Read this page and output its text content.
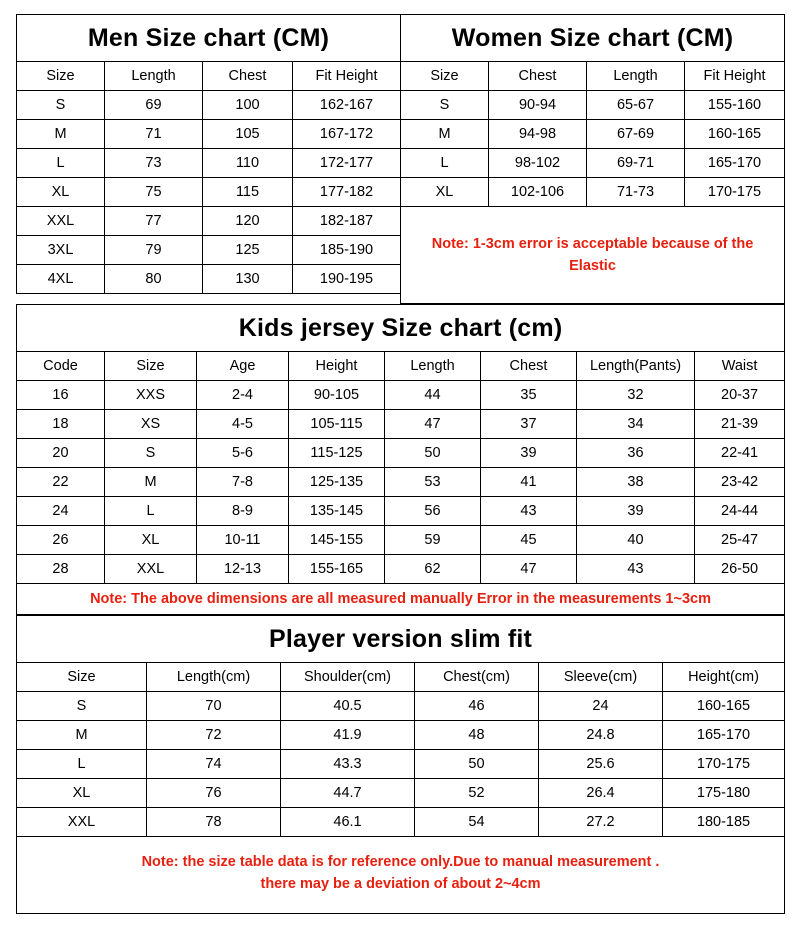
Men Size chart (CM)			
Size	Length	Chest	Fit Height
S	69	100	162-167
M	71	105	167-172
L	73	110	172-177
XL	75	115	177-182
XXL	77	120	182-187
3XL	79	125	185-190
4XL	80	130	190-195
Women Size chart (CM)			
Size	Chest	Length	Fit Height
S	90-94	65-67	155-160
M	94-98	67-69	160-165
L	98-102	69-71	165-170
XL	102-106	71-73	170-175
Note: 1-3cm error is acceptable because of the Elastic			
Kids jersey Size chart (cm)							
Code	Size	Age	Height	Length	Chest	Length(Pants)	Waist
16	XXS	2-4	90-105	44	35	32	20-37
18	XS	4-5	105-115	47	37	34	21-39
20	S	5-6	115-125	50	39	36	22-41
22	M	7-8	125-135	53	41	38	23-42
24	L	8-9	135-145	56	43	39	24-44
26	XL	10-11	145-155	59	45	40	25-47
28	XXL	12-13	155-165	62	47	43	26-50
Note: The above dimensions are all measured manually Error in the measurements 1~3cm							
Player version slim fit					
Size	Length(cm)	Shoulder(cm)	Chest(cm)	Sleeve(cm)	Height(cm)
S	70	40.5	46	24	160-165
M	72	41.9	48	24.8	165-170
L	74	43.3	50	25.6	170-175
XL	76	44.7	52	26.4	175-180
XXL	78	46.1	54	27.2	180-185

Note: the size table data is for reference only.Due to manual measurement .
there may be a deviation of about 2~4cm					
